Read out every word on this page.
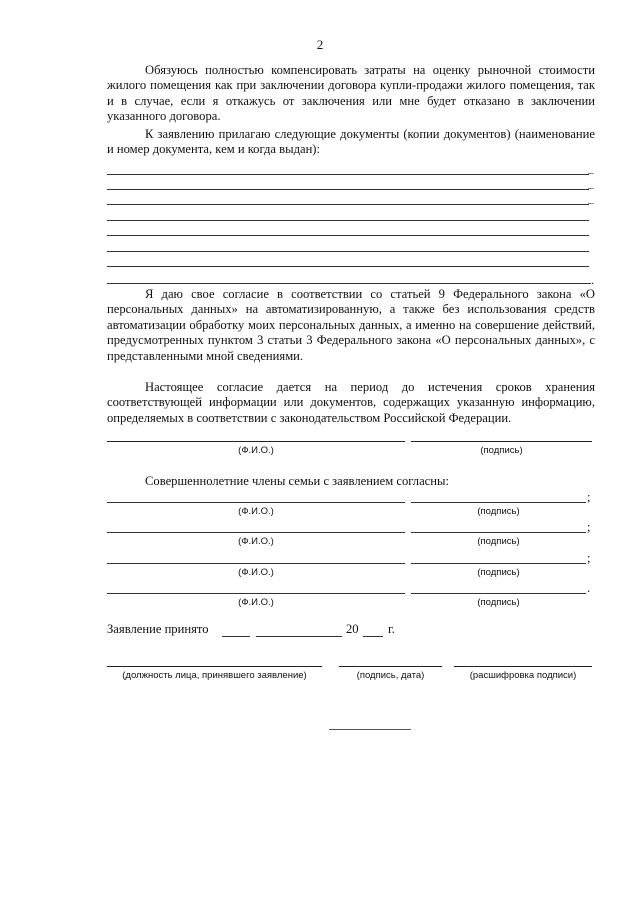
2
Обязуюсь полностью компенсировать затраты на оценку рыночной стоимости жилого помещения как при заключении договора купли-продажи жилого помещения, так и в случае, если я откажусь от заключения или мне будет отказано в заключении указанного договора.
К заявлению прилагаю следующие документы (копии документов) (наименование и номер документа, кем и когда выдан):
–
–
–
.
Я даю свое согласие в соответствии со статьей 9 Федерального закона «О персональных данных» на автоматизированную, а также без использования средств автоматизации обработку моих персональных данных, а именно на совершение действий, предусмотренных пунктом 3 статьи 3 Федерального закона «О персональных данных», с представленными мной сведениями.
Настоящее согласие дается на период до истечения сроков хранения соответствующей информации или документов, содержащих указанную информацию, определяемых в соответствии с законодательством Российской Федерации.
(Ф.И.О.)	(подпись)
Совершеннолетние члены семьи с заявлением согласны:
;
(Ф.И.О.)	(подпись)
;
(Ф.И.О.)	(подпись)
;
(Ф.И.О.)	(подпись)
.
(Ф.И.О.)	(подпись)
Заявление принято	20 г.
(должность лица, принявшего заявление)	(подпись, дата)	(расшифровка подписи)
